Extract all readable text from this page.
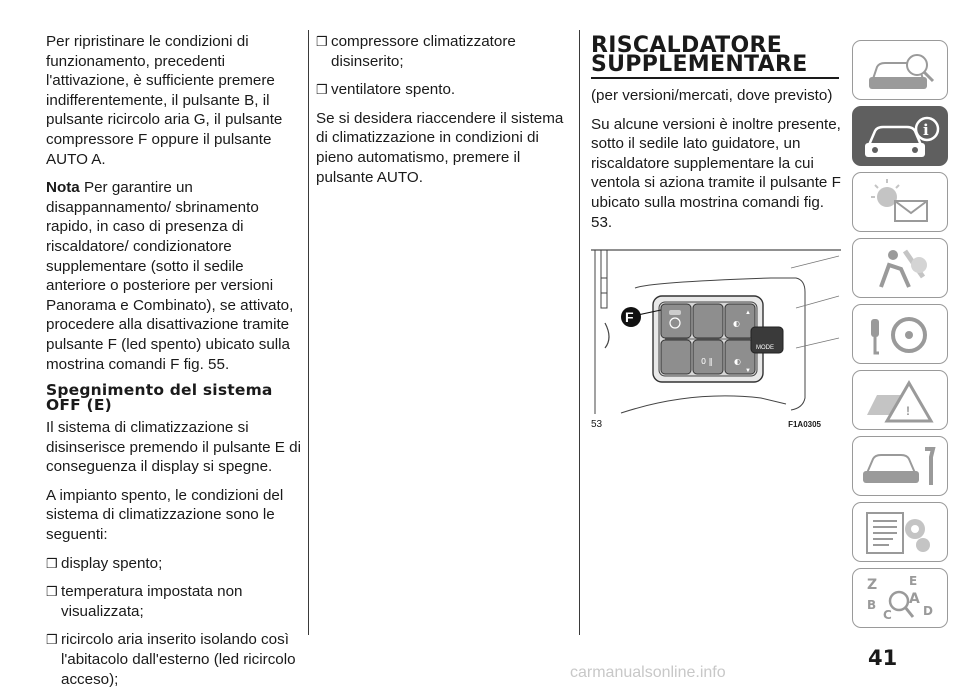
Per ripristinare le condizioni di funzionamento, precedenti l'attivazione, è sufficiente premere indifferentemente, il pulsante B, il pulsante ricircolo aria G, il pulsante compressore F oppure il pulsante AUTO A.

Nota Per garantire un disappannamento/ sbrinamento rapido, in caso di presenza di riscaldatore/ condizionatore supplementare (sotto il sedile anteriore o posteriore per versioni Panorama e Combinato), se attivato, procedere alla disattivazione tramite pulsante F (led spento) ubicato sulla mostrina comandi F fig. 55.

Spegnimento del sistema OFF (E)

Il sistema di climatizzazione si disinserisce premendo il pulsante E di conseguenza il display si spegne.

A impianto spento, le condizioni del sistema di climatizzazione sono le seguenti:

❒ display spento;
❒ temperatura impostata non visualizzata;
❒ ricircolo aria inserito isolando così l'abitacolo dall'esterno (led ricircolo acceso);
❒ compressore climatizzatore disinserito;
❒ ventilatore spento.

Se si desidera riaccendere il sistema di climatizzazione in condizioni di pieno automatismo, premere il pulsante AUTO.

RISCALDATORE SUPPLEMENTARE

(per versioni/mercati, dove previsto)

Su alcune versioni è inoltre presente, sotto il sedile lato guidatore, un riscaldatore supplementare la cui ventola si aziona tramite il pulsante F ubicato sulla mostrina comandi fig. 53.

0 ‖	◐
◐
▲
▼
F
MODE
53	F1A0305
i
!
Z	E
B A
C	D
41
carmanualsonline.info
